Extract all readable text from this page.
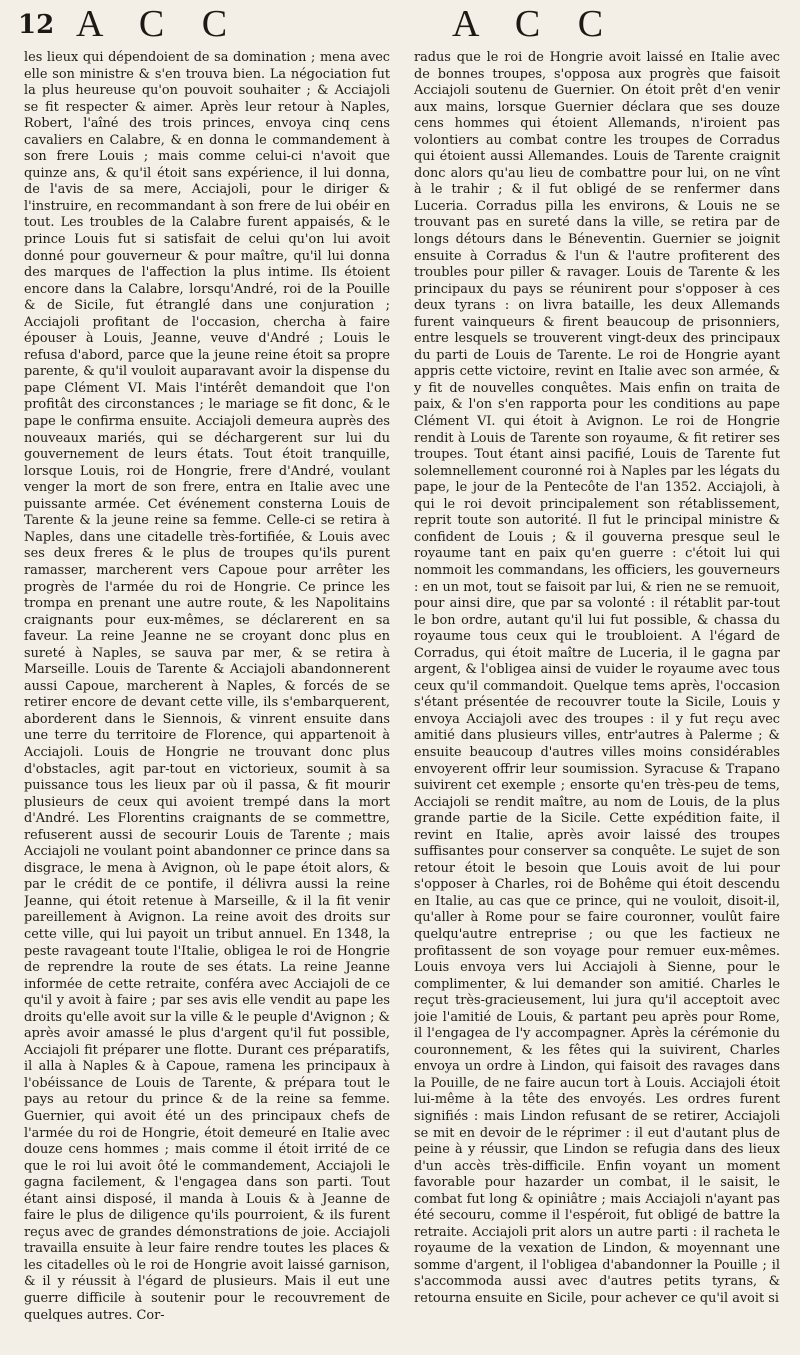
12 A C C	A C C

les lieux qui dépendoient de sa domination ; mena avec elle son ministre & s'en trouva bien. La négociation fut la plus heureuse qu'on pouvoit souhaiter ; & Acciajoli se fit respecter & aimer. Après leur retour à Naples, Robert, l'aîné des trois princes, envoya cinq cens cavaliers en Calabre, & en donna le commandement à son frere Louis ; mais comme celui-ci n'avoit que quinze ans, & qu'il étoit sans expérience, il lui donna, de l'avis de sa mere, Acciajoli, pour le diriger & l'instruire, en recommandant à son frere de lui obéir en tout. Les troubles de la Calabre furent appaisés, & le prince Louis fut si satisfait de celui qu'on lui avoit donné pour gouverneur & pour maître, qu'il lui donna des marques de l'affection la plus intime. Ils étoient encore dans la Calabre, lorsqu'André, roi de la Pouille & de Sicile, fut étranglé dans une conjuration ; Acciajoli profitant de l'occasion, chercha à faire épouser à Louis, Jeanne, veuve d'André ; Louis le refusa d'abord, parce que la jeune reine étoit sa propre parente, & qu'il vouloit auparavant avoir la dispense du pape Clément VI. Mais l'intérêt demandoit que l'on profitât des circonstances ; le mariage se fit donc, & le pape le confirma ensuite. Acciajoli demeura auprès des nouveaux mariés, qui se déchargerent sur lui du gouvernement de leurs états. Tout étoit tranquille, lorsque Louis, roi de Hongrie, frere d'André, voulant venger la mort de son frere, entra en Italie avec une puissante armée. Cet événement consterna Louis de Tarente & la jeune reine sa femme. Celle-ci se retira à Naples, dans une citadelle très-fortifiée, & Louis avec ses deux freres & le plus de troupes qu'ils purent ramasser, marcherent vers Capoue pour arrêter les progrès de l'armée du roi de Hongrie. Ce prince les trompa en prenant une autre route, & les Napolitains craignants pour eux-mêmes, se déclarerent en sa faveur. La reine Jeanne ne se croyant donc plus en sureté à Naples, se sauva par mer, & se retira à Marseille. Louis de Tarente & Acciajoli abandonnerent aussi Capoue, marcherent à Naples, & forcés de se retirer encore de devant cette ville, ils s'embarquerent, aborderent dans le Siennois, & vinrent ensuite dans une terre du territoire de Florence, qui appartenoit à Acciajoli. Louis de Hongrie ne trouvant donc plus d'obstacles, agit par-tout en victorieux, soumit à sa puissance tous les lieux par où il passa, & fit mourir plusieurs de ceux qui avoient trempé dans la mort d'André. Les Florentins craignants de se commettre, refuserent aussi de secourir Louis de Tarente ; mais Acciajoli ne voulant point abandonner ce prince dans sa disgrace, le mena à Avignon, où le pape étoit alors, & par le crédit de ce pontife, il délivra aussi la reine Jeanne, qui étoit retenue à Marseille, & il la fit venir pareillement à Avignon. La reine avoit des droits sur cette ville, qui lui payoit un tribut annuel. En 1348, la peste ravageant toute l'Italie, obligea le roi de Hongrie de reprendre la route de ses états. La reine Jeanne informée de cette retraite, conféra avec Acciajoli de ce qu'il y avoit à faire ; par ses avis elle vendit au pape les droits qu'elle avoit sur la ville & le peuple d'Avignon ; & après avoir amassé le plus d'argent qu'il fut possible, Acciajoli fit préparer une flotte. Durant ces préparatifs, il alla à Naples & à Capoue, ramena les principaux à l'obéissance de Louis de Tarente, & prépara tout le pays au retour du prince & de la reine sa femme. Guernier, qui avoit été un des principaux chefs de l'armée du roi de Hongrie, étoit demeuré en Italie avec douze cens hommes ; mais comme il étoit irrité de ce que le roi lui avoit ôté le commandement, Acciajoli le gagna facilement, & l'engagea dans son parti. Tout étant ainsi disposé, il manda à Louis & à Jeanne de faire le plus de diligence qu'ils pourroient, & ils furent reçus avec de grandes démonstrations de joie. Acciajoli travailla ensuite à leur faire rendre toutes les places & les citadelles où le roi de Hongrie avoit laissé garnison, & il y réussit à l'égard de plusieurs. Mais il eut une guerre difficile à soutenir pour le recouvrement de quelques autres. Cor-

radus que le roi de Hongrie avoit laissé en Italie avec de bonnes troupes, s'opposa aux progrès que faisoit Acciajoli soutenu de Guernier. On étoit prêt d'en venir aux mains, lorsque Guernier déclara que ses douze cens hommes qui étoient Allemands, n'iroient pas volontiers au combat contre les troupes de Corradus qui étoient aussi Allemandes. Louis de Tarente craignit donc alors qu'au lieu de combattre pour lui, on ne vînt à le trahir ; & il fut obligé de se renfermer dans Luceria. Corradus pilla les environs, & Louis ne se trouvant pas en sureté dans la ville, se retira par de longs détours dans le Béneventin. Guernier se joignit ensuite à Corradus & l'un & l'autre profiterent des troubles pour piller & ravager. Louis de Tarente & les principaux du pays se réunirent pour s'opposer à ces deux tyrans : on livra bataille, les deux Allemands furent vainqueurs & firent beaucoup de prisonniers, entre lesquels se trouverent vingt-deux des principaux du parti de Louis de Tarente. Le roi de Hongrie ayant appris cette victoire, revint en Italie avec son armée, & y fit de nouvelles conquêtes. Mais enfin on traita de paix, & l'on s'en rapporta pour les conditions au pape Clément VI. qui étoit à Avignon. Le roi de Hongrie rendit à Louis de Tarente son royaume, & fit retirer ses troupes. Tout étant ainsi pacifié, Louis de Tarente fut solemnellement couronné roi à Naples par les légats du pape, le jour de la Pentecôte de l'an 1352. Acciajoli, à qui le roi devoit principalement son rétablissement, reprit toute son autorité. Il fut le principal ministre & confident de Louis ; & il gouverna presque seul le royaume tant en paix qu'en guerre : c'étoit lui qui nommoit les commandans, les officiers, les gouverneurs : en un mot, tout se faisoit par lui, & rien ne se remuoit, pour ainsi dire, que par sa volonté : il rétablit par-tout le bon ordre, autant qu'il lui fut possible, & chassa du royaume tous ceux qui le troubloient. A l'égard de Corradus, qui étoit maître de Luceria, il le gagna par argent, & l'obligea ainsi de vuider le royaume avec tous ceux qu'il commandoit. Quelque tems après, l'occasion s'étant présentée de recouvrer toute la Sicile, Louis y envoya Acciajoli avec des troupes : il y fut reçu avec amitié dans plusieurs villes, entr'autres à Palerme ; & ensuite beaucoup d'autres villes moins considérables envoyerent offrir leur soumission. Syracuse & Trapano suivirent cet exemple ; ensorte qu'en très-peu de tems, Acciajoli se rendit maître, au nom de Louis, de la plus grande partie de la Sicile. Cette expédition faite, il revint en Italie, après avoir laissé des troupes suffisantes pour conserver sa conquête. Le sujet de son retour étoit le besoin que Louis avoit de lui pour s'opposer à Charles, roi de Bohême qui étoit descendu en Italie, au cas que ce prince, qui ne vouloit, disoit-il, qu'aller à Rome pour se faire couronner, voulût faire quelqu'autre entreprise ; ou que les factieux ne profitassent de son voyage pour remuer eux-mêmes. Louis envoya vers lui Acciajoli à Sienne, pour le complimenter, & lui demander son amitié. Charles le reçut très-gracieusement, lui jura qu'il acceptoit avec joie l'amitié de Louis, & partant peu après pour Rome, il l'engagea de l'y accompagner. Après la cérémonie du couronnement, & les fêtes qui la suivirent, Charles envoya un ordre à Lindon, qui faisoit des ravages dans la Pouille, de ne faire aucun tort à Louis. Acciajoli étoit lui-même à la tête des envoyés. Les ordres furent signifiés : mais Lindon refusant de se retirer, Acciajoli se mit en devoir de le réprimer : il eut d'autant plus de peine à y réussir, que Lindon se refugia dans des lieux d'un accès très-difficile. Enfin voyant un moment favorable pour hazarder un combat, il le saisit, le combat fut long & opiniâtre ; mais Acciajoli n'ayant pas été secouru, comme il l'espéroit, fut obligé de battre la retraite. Acciajoli prit alors un autre parti : il racheta le royaume de la vexation de Lindon, & moyennant une somme d'argent, il l'obligea d'abandonner la Pouille ; il s'accommoda aussi avec d'autres petits tyrans, & retourna ensuite en Sicile, pour achever ce qu'il avoit si
